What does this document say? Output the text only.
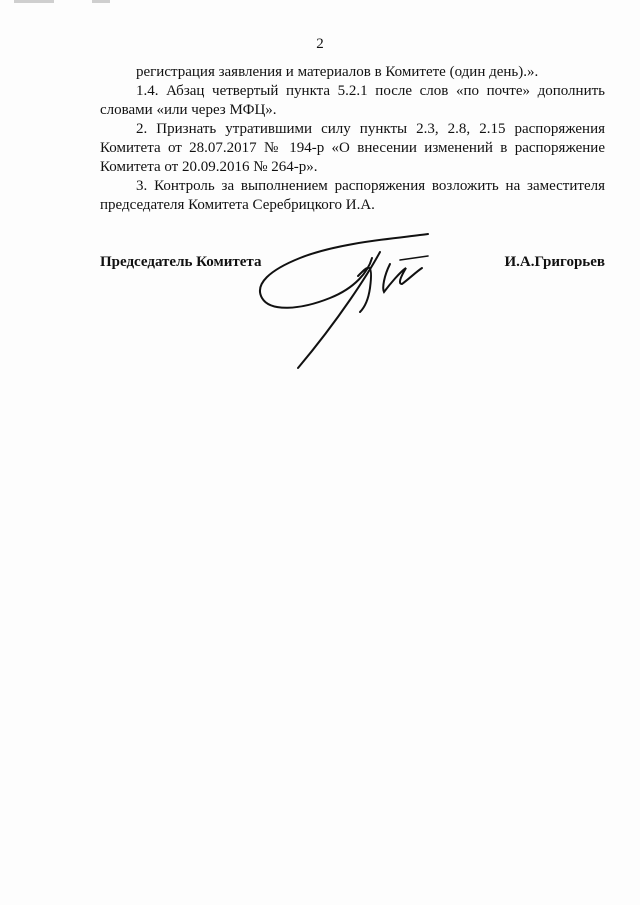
2

регистрация заявления и материалов в Комитете (один день).».

1.4. Абзац четвертый пункта 5.2.1 после слов «по почте» дополнить словами «или через МФЦ».

2. Признать утратившими силу пункты 2.3, 2.8, 2.15 распоряжения Комитета от 28.07.2017 № 194-р «О внесении изменений в распоряжение Комитета от 20.09.2016 № 264-р».

3. Контроль за выполнением распоряжения возложить на заместителя председателя Комитета Серебрицкого И.А.

Председатель Комитета	И.А.Григорьев
